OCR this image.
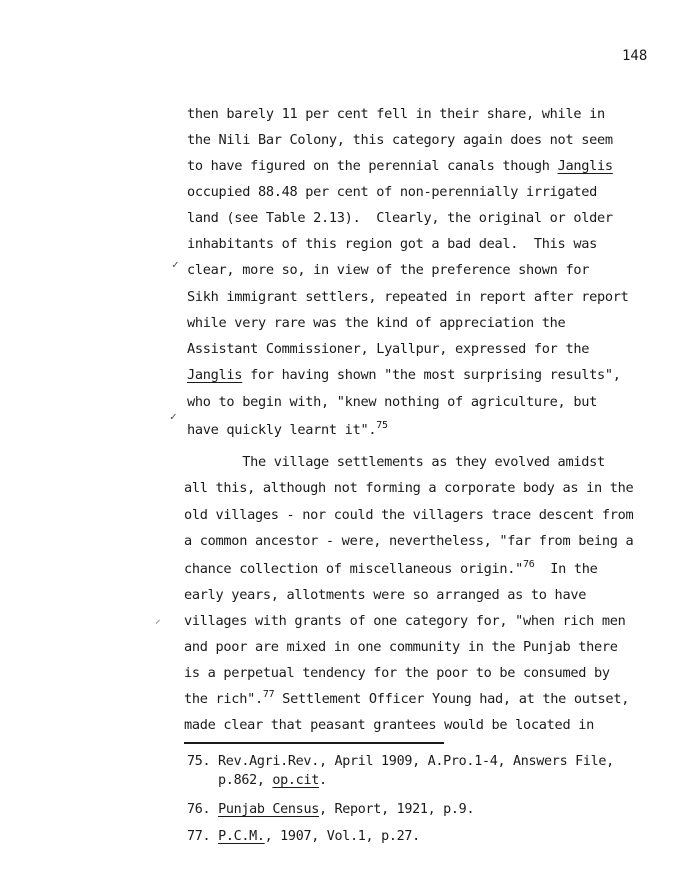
148
then barely 11 per cent fell in their share, while in
the Nili Bar Colony, this category again does not seem
to have figured on the perennial canals though Janglis
occupied 88.48 per cent of non-perennially irrigated
land (see Table 2.13).  Clearly, the original or older
inhabitants of this region got a bad deal.  This was
✓ clear, more so, in view of the preference shown for
Sikh immigrant settlers, repeated in report after report
while very rare was the kind of appreciation the
Assistant Commissioner, Lyallpur, expressed for the
Janglis for having shown "the most surprising results",
who to begin with, "knew nothing of agriculture, but
✓
have quickly learnt it".$^{75}$
The village settlements as they evolved amidst
all this, although not forming a corporate body as in the
old villages - nor could the villagers trace descent from
a common ancestor - were, nevertheless, "far from being a
chance collection of miscellaneous origin."$^{76}$  In the
early years, allotments were so arranged as to have
⸝ villages with grants of one category for, "when rich men
and poor are mixed in one community in the Punjab there
is a perpetual tendency for the poor to be consumed by
the rich".$^{77}$ Settlement Officer Young had, at the outset,
made clear that peasant grantees would be located in
75. Rev.Agri.Rev., April 1909, A.Pro.1-4, Answers File,
p.862, op.cit.
76. Punjab Census, Report, 1921, p.9.
77. P.C.M., 1907, Vol.1, p.27.
